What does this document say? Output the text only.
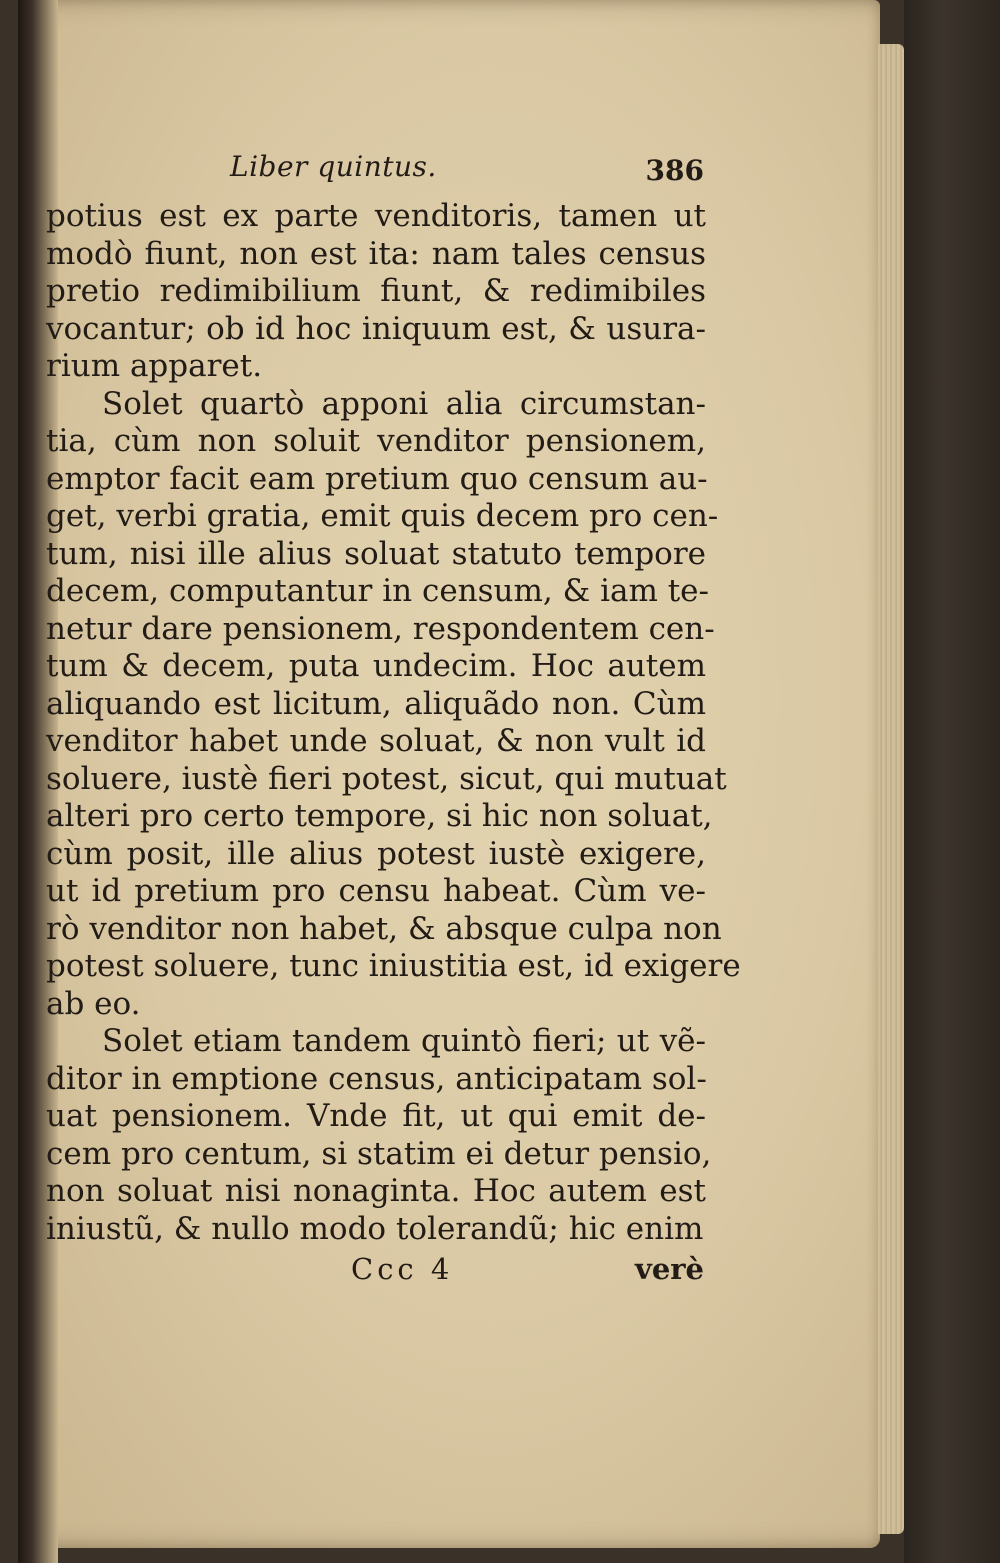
Liber quintus.	386
potius est ex parte venditoris, tamen ut
modò fiunt, non est ita: nam tales census
pretio redimibilium fiunt, & redimibiles
vocantur; ob id hoc iniquum est, & usura-
rium apparet.
Solet quartò apponi alia circumstan-
tia, cùm non soluit venditor pensionem,
emptor facit eam pretium quo censum au-
get, verbi gratia, emit quis decem pro cen-
tum, nisi ille alius soluat statuto tempore
decem, computantur in censum, & iam te-
netur dare pensionem, respondentem cen-
tum & decem, puta undecim. Hoc autem
aliquando est licitum, aliquãdo non. Cùm
venditor habet unde soluat, & non vult id
soluere, iustè fieri potest, sicut, qui mutuat
alteri pro certo tempore, si hic non soluat,
cùm posit, ille alius potest iustè exigere,
ut id pretium pro censu habeat. Cùm ve-
rò venditor non habet, & absque culpa non
potest soluere, tunc iniustitia est, id exigere
ab eo.
Solet etiam tandem quintò fieri; ut vẽ-
ditor in emptione census, anticipatam sol-
uat pensionem. Vnde fit, ut qui emit de-
cem pro centum, si statim ei detur pensio,
non soluat nisi nonaginta. Hoc autem est
iniustũ, & nullo modo tolerandũ; hic enim
Ccc 4	verè
